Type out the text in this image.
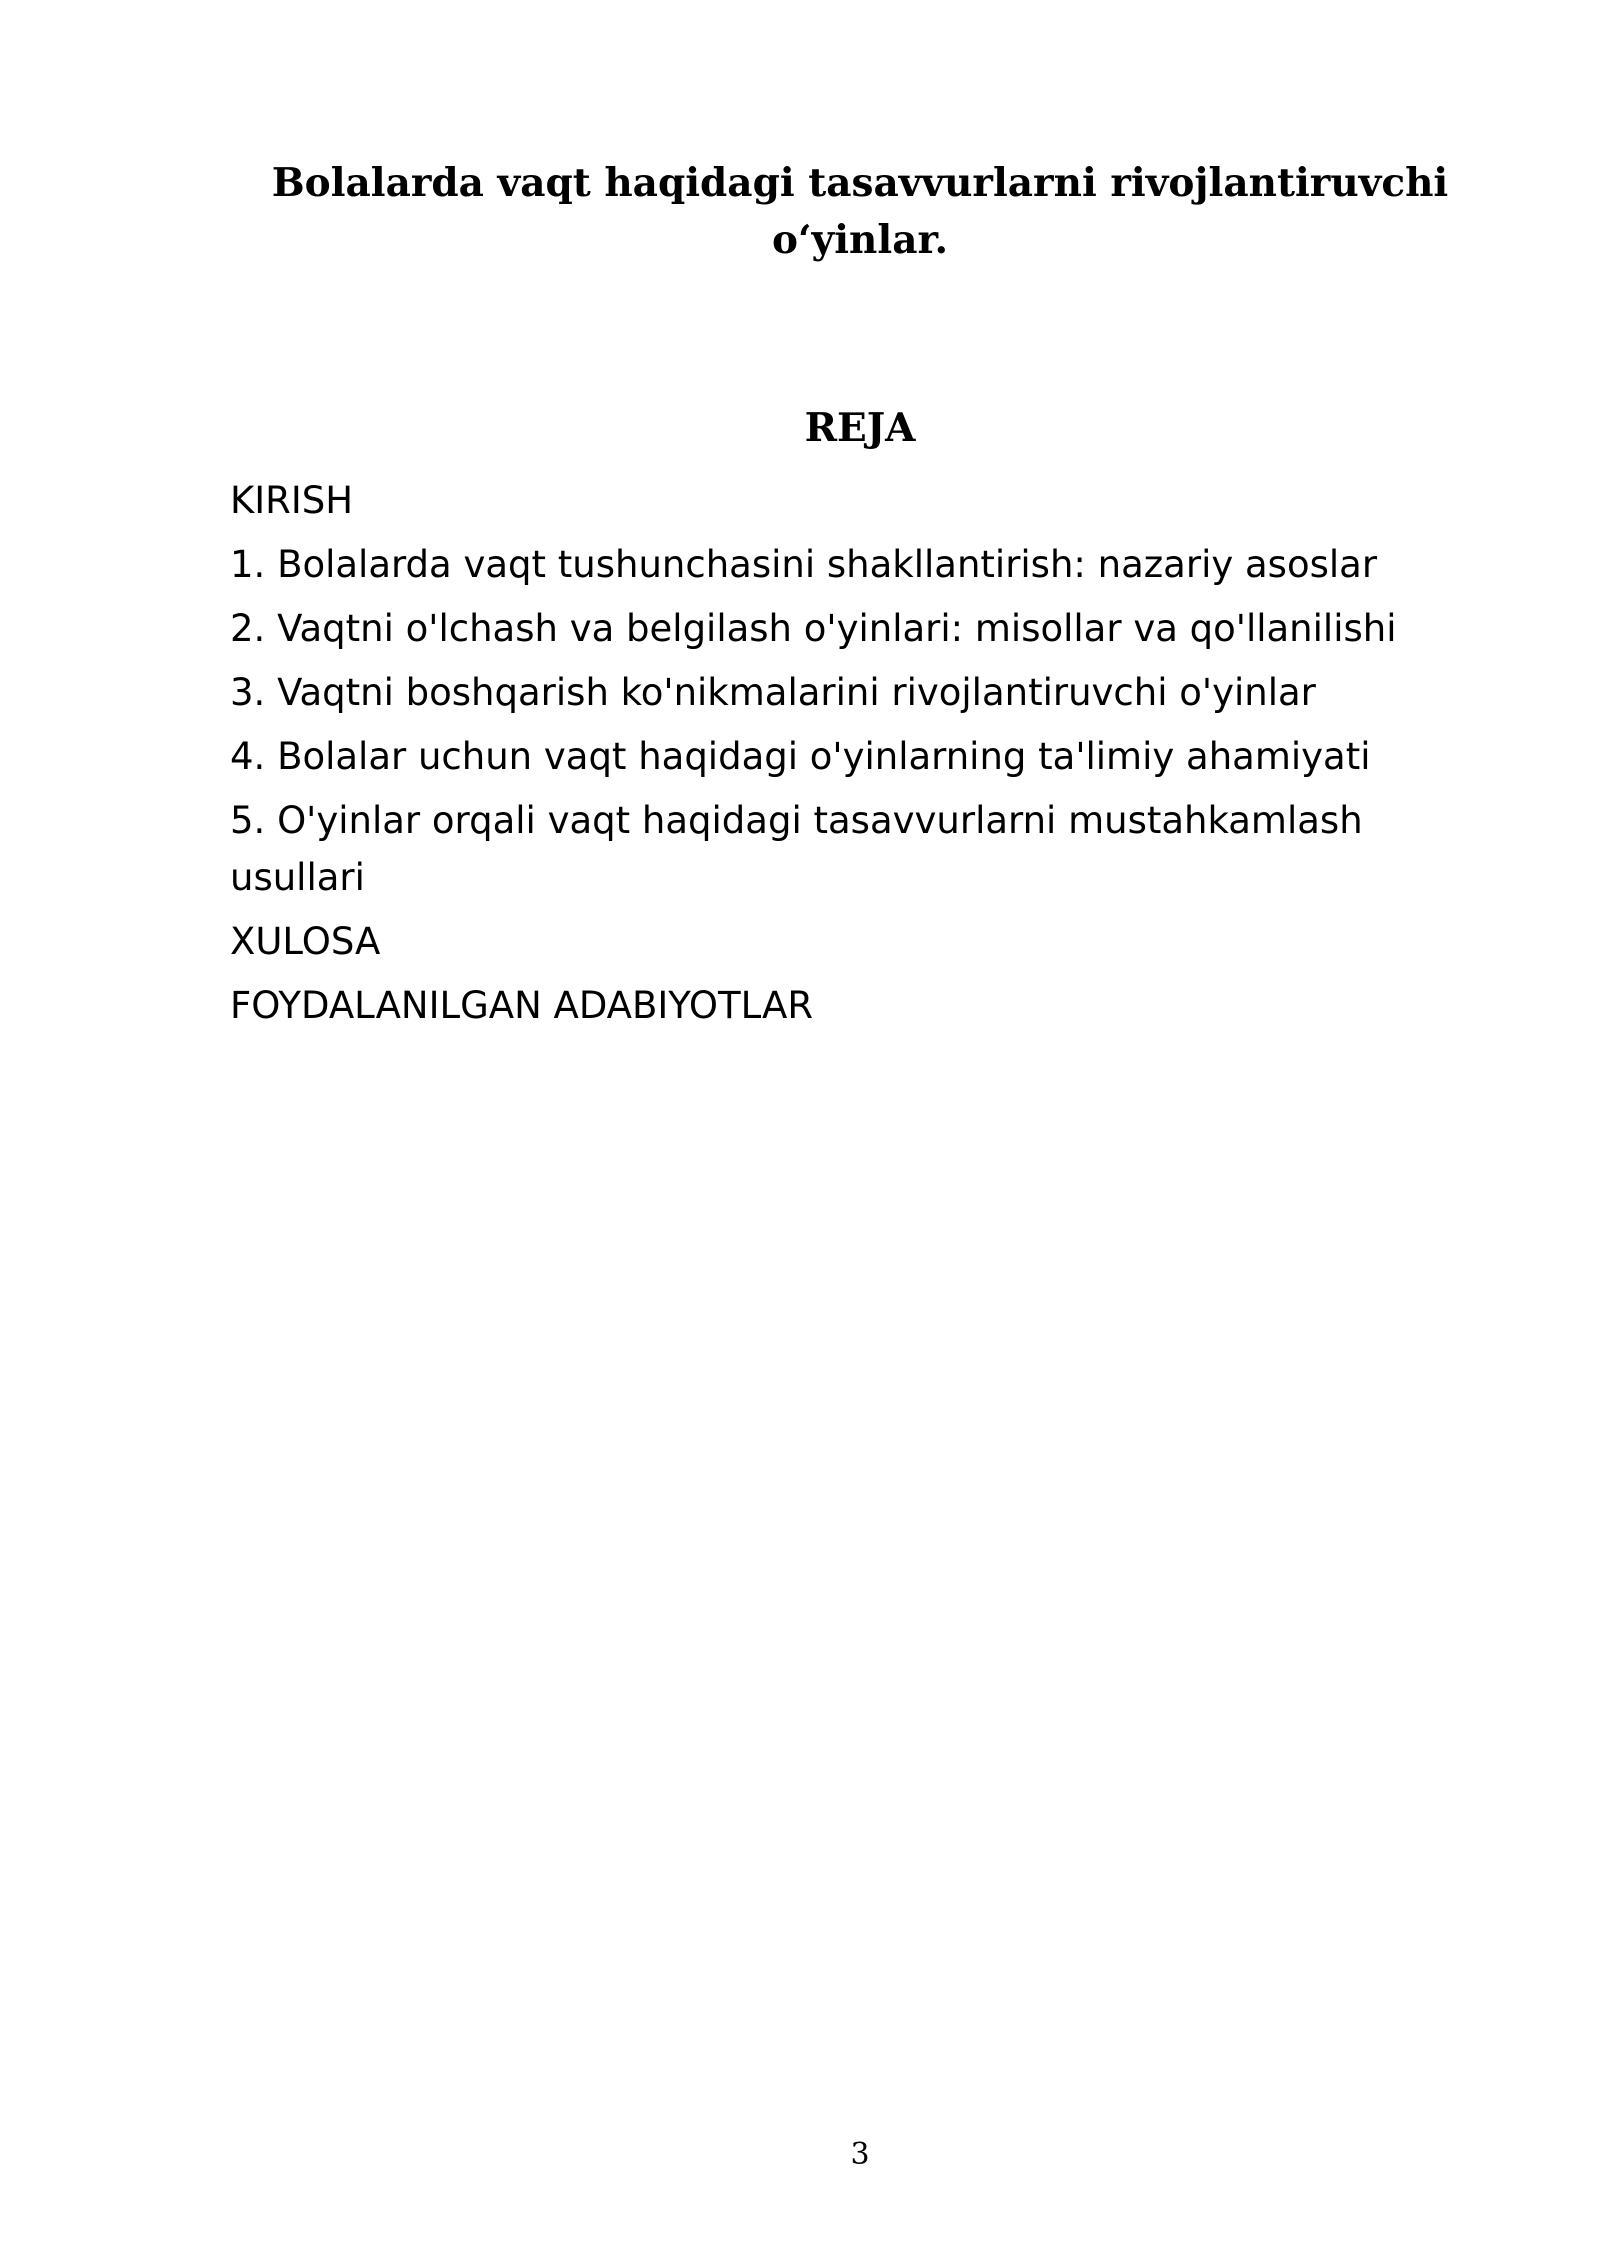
Bolalarda vaqt haqidagi tasavvurlarni rivojlantiruvchi
o‘yinlar.
REJA
KIRISH
1. Bolalarda vaqt tushunchasini shakllantirish: nazariy asoslar
2. Vaqtni o'lchash va belgilash o'yinlari: misollar va qo'llanilishi
3. Vaqtni boshqarish ko'nikmalarini rivojlantiruvchi o'yinlar
4. Bolalar uchun vaqt haqidagi o'yinlarning ta'limiy ahamiyati
5. O'yinlar orqali vaqt haqidagi tasavvurlarni mustahkamlash usullari
XULOSA
FOYDALANILGAN ADABIYOTLAR
3
